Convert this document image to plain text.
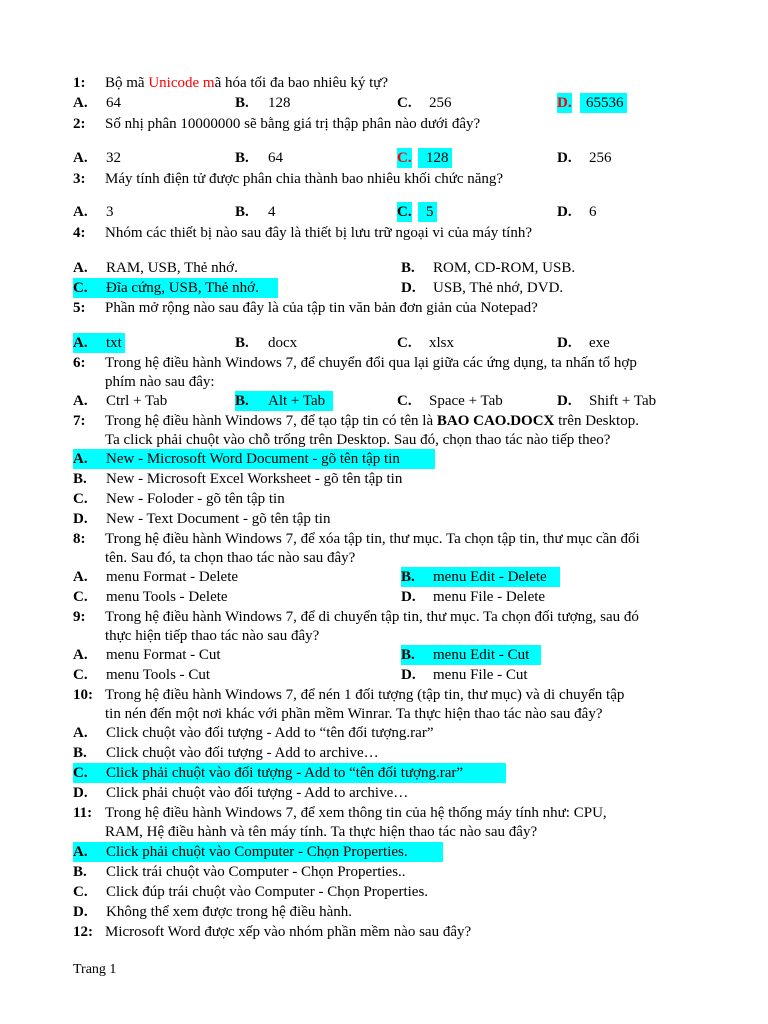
1: Bộ mã Unicode mã hóa tối đa bao nhiêu ký tự?
A. 64	B. 128	C. 256	D. 65536
2: Số nhị phân 10000000 sẽ bằng giá trị thập phân nào dưới đây?
A. 32	B. 64	C. 128	D. 256
3: Máy tính điện tử được phân chia thành bao nhiêu khối chức năng?
A. 3	B. 4	C. 5	D. 6
4: Nhóm các thiết bị nào sau đây là thiết bị lưu trữ ngoại vi của máy tính?
A. RAM, USB, Thẻ nhớ.	B. ROM, CD-ROM, USB.
C. Đĩa cứng, USB, Thẻ nhớ.	D. USB, Thẻ nhớ, DVD.
5: Phần mở rộng nào sau đây là của tập tin văn bản đơn giản của Notepad?
A. txt	B. docx	C. xlsx	D. exe
6: Trong hệ điều hành Windows 7, để chuyển đổi qua lại giữa các ứng dụng, ta nhấn tổ hợp
phím nào sau đây:
A. Ctrl + Tab	B. Alt + Tab	C. Space + Tab	D. Shift + Tab
7: Trong hệ điều hành Windows 7, để tạo tập tin có tên là BAO CAO.DOCX trên Desktop.
Ta click phải chuột vào chỗ trống trên Desktop. Sau đó, chọn thao tác nào tiếp theo?
A. New - Microsoft Word Document - gõ tên tập tin
B. New - Microsoft Excel Worksheet - gõ tên tập tin
C. New - Foloder - gõ tên tập tin
D. New - Text Document - gõ tên tập tin
8: Trong hệ điều hành Windows 7, để xóa tập tin, thư mục. Ta chọn tập tin, thư mục cần đổi
tên. Sau đó, ta chọn thao tác nào sau đây?
A. menu Format - Delete	B. menu Edit - Delete
C. menu Tools - Delete	D. menu File - Delete
9: Trong hệ điều hành Windows 7, để di chuyển tập tin, thư mục. Ta chọn đối tượng, sau đó
thực hiện tiếp thao tác nào sau đây?
A. menu Format - Cut	B. menu Edit - Cut
C. menu Tools - Cut	D. menu File - Cut
10: Trong hệ điều hành Windows 7, để nén 1 đối tượng (tập tin, thư mục) và di chuyển tập
tin nén đến một nơi khác với phần mềm Winrar. Ta thực hiện thao tác nào sau đây?
A. Click chuột vào đối tượng - Add to “tên đối tượng.rar”
B. Click chuột vào đối tượng - Add to archive…
C. Click phải chuột vào đối tượng - Add to “tên đối tượng.rar”
D. Click phải chuột vào đối tượng - Add to archive…
11: Trong hệ điều hành Windows 7, để xem thông tin của hệ thống máy tính như: CPU,
RAM, Hệ điều hành và tên máy tính. Ta thực hiện thao tác nào sau đây?
A. Click phải chuột vào Computer - Chọn Properties.
B. Click trái chuột vào Computer - Chọn Properties..
C. Click đúp trái chuột vào Computer - Chọn Properties.
D. Không thể xem được trong hệ điều hành.
12: Microsoft Word được xếp vào nhóm phần mềm nào sau đây?
Trang 1
